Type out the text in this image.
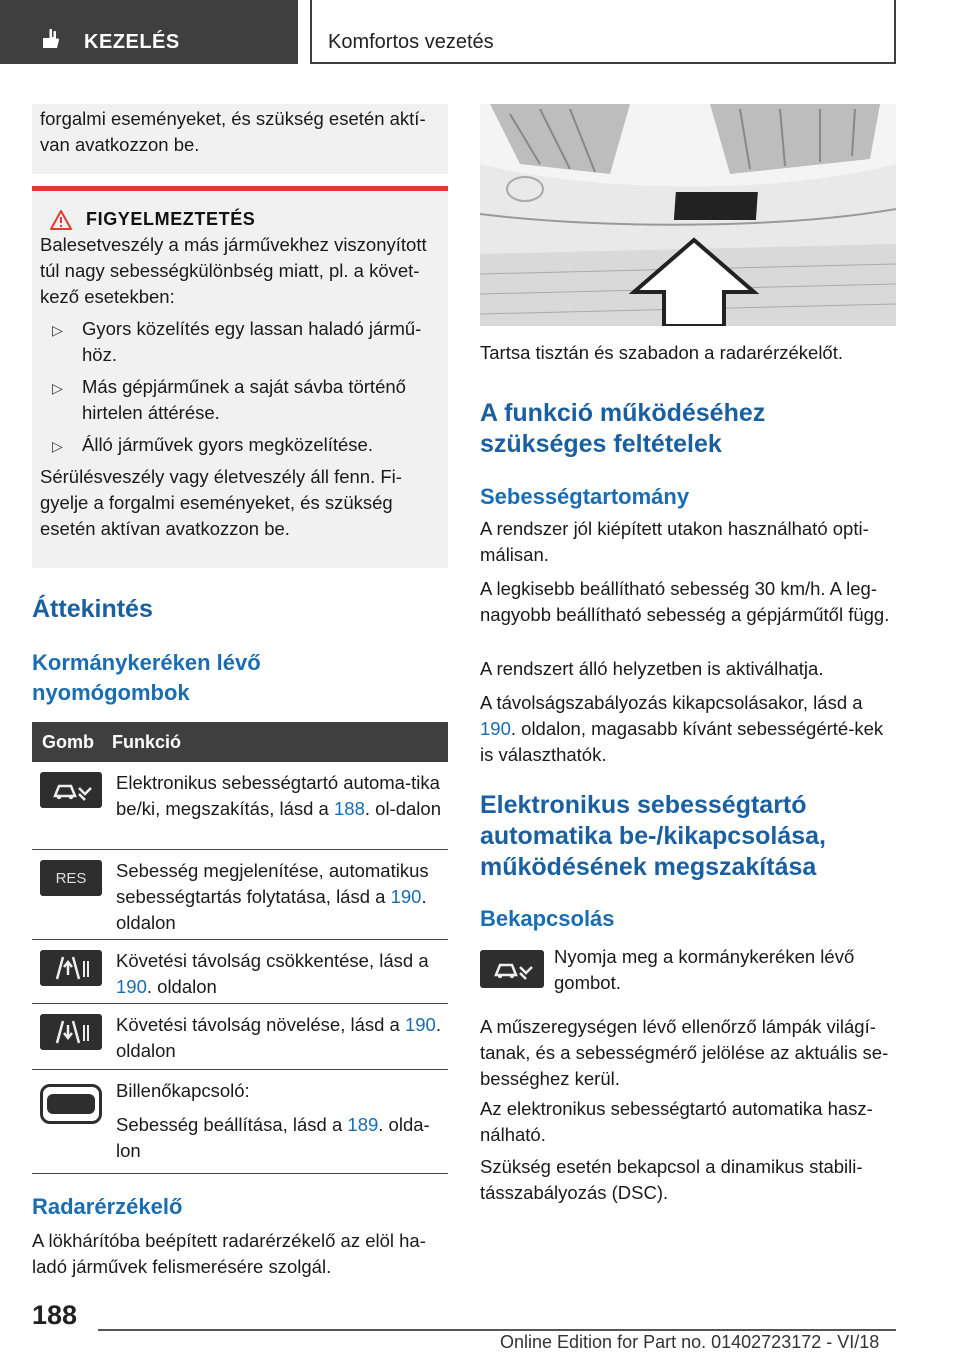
KEZELÉS	Komfortos vezetés

forgalmi eseményeket, és szükség esetén aktí-van avatkozzon be.

FIGYELMEZTETÉS

Balesetveszély a más járművekhez viszonyított túl nagy sebességkülönbség miatt, pl. a követ-kező esetekben:

▷ Gyors közelítés egy lassan haladó jármű-höz.
▷ Más gépjárműnek a saját sávba történő hirtelen áttérése.
▷ Álló járművek gyors megközelítése.

Sérülésveszély vagy életveszély áll fenn. Fi-gyelje a forgalmi eseményeket, és szükség esetén aktívan avatkozzon be.

Áttekintés
Kormánykeréken lévő nyomógombok
Gomb	Funkció

Elektronikus sebességtartó automa-tika be/ki, megszakítás, lásd a 188. ol-dalon

RES	Sebesség megjelenítése, automatikus sebességtartás folytatása, lásd a 190. oldalon

Követési távolság csökkentése, lásd a 190. oldalon

Követési távolság növelése, lásd a 190. oldalon

Billenőkapcsoló:

Sebesség beállítása, lásd a 189. olda-lon

Radarérzékelő

A lökhárítóba beépített radarérzékelő az elöl ha-ladó járművek felismerésére szolgál.

Tartsa tisztán és szabadon a radarérzékelőt.

A funkció működéséhez szükséges feltételek
Sebességtartomány

A rendszer jól kiépített utakon használható opti-málisan.

A legkisebb beállítható sebesség 30 km/h. A leg-nagyobb beállítható sebesség a gépjárműtől függ.

A rendszert álló helyzetben is aktiválhatja.

A távolságszabályozás kikapcsolásakor, lásd a 190. oldalon, magasabb kívánt sebességérté-kek is választhatók.

Elektronikus sebességtartó automatika be-/kikapcsolása, működésének megszakítása
Bekapcsolás

Nyomja meg a kormánykeréken lévő gombot.

A műszeregységen lévő ellenőrző lámpák világí-tanak, és a sebességmérő jelölése az aktuális se-bességhez kerül.

Az elektronikus sebességtartó automatika hasz-nálható.

Szükség esetén bekapcsol a dinamikus stabili-tásszabályozás (DSC).

188
Online Edition for Part no. 01402723172 - VI/18
